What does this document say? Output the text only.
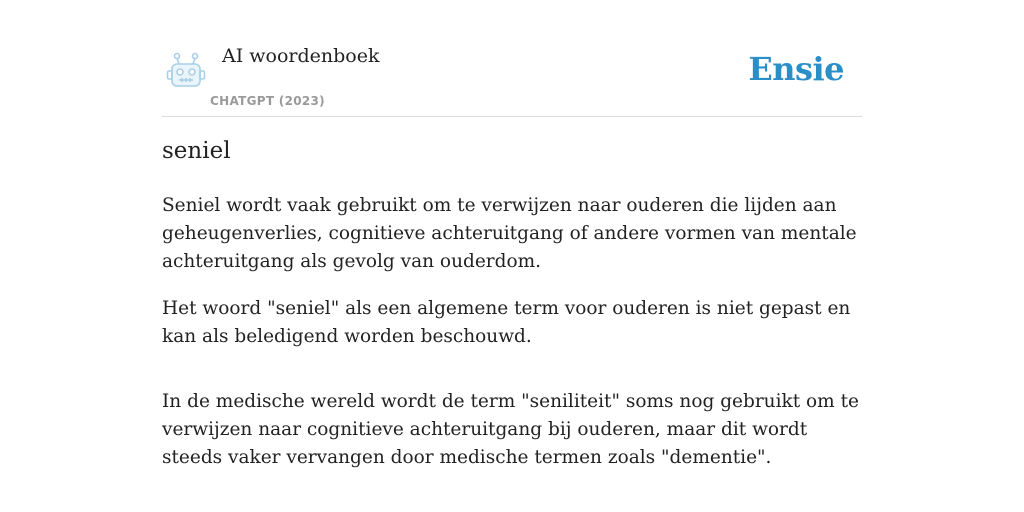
AI woordenboek
CHATGPT (2023)
Ensie
seniel

Seniel wordt vaak gebruikt om te verwijzen naar ouderen die lijden aan geheugenverlies, cognitieve achteruitgang of andere vormen van mentale achteruitgang als gevolg van ouderdom.

Het woord "seniel" als een algemene term voor ouderen is niet gepast en kan als beledigend worden beschouwd.

In de medische wereld wordt de term "seniliteit" soms nog gebruikt om te verwijzen naar cognitieve achteruitgang bij ouderen, maar dit wordt steeds vaker vervangen door medische termen zoals "dementie".
